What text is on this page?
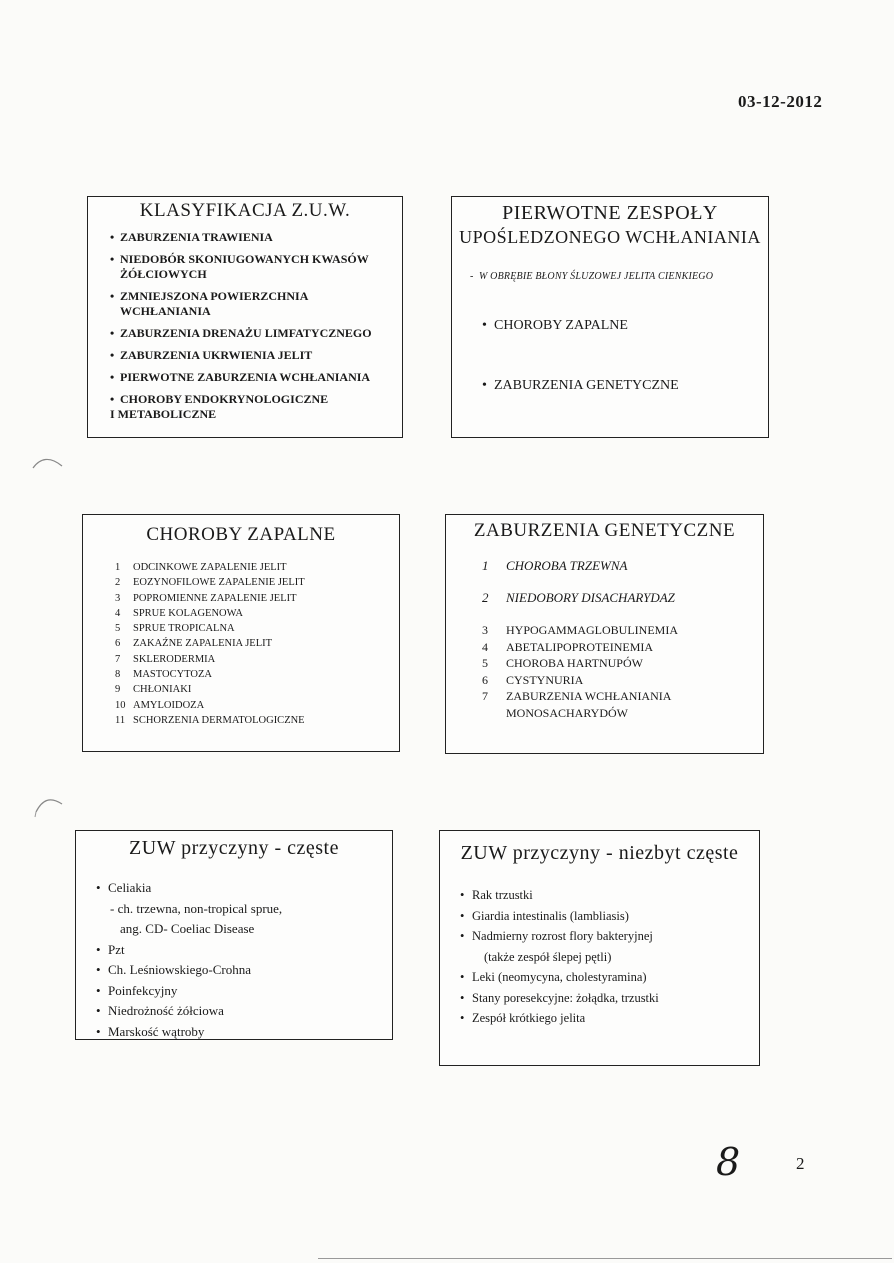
03-12-2012
KLASYFIKACJA Z.U.W.
• ZABURZENIA TRAWIENIA
• NIEDOBÓR SKONIUGOWANYCH KWASÓW
ŻÓŁCIOWYCH
• ZMNIEJSZONA POWIERZCHNIA
WCHŁANIANIA
• ZABURZENIA DRENAŻU LIMFATYCZNEGO
• ZABURZENIA UKRWIENIA JELIT
• PIERWOTNE ZABURZENIA WCHŁANIANIA
• CHOROBY ENDOKRYNOLOGICZNE
I METABOLICZNE
PIERWOTNE ZESPOŁY
UPOŚLEDZONEGO WCHŁANIANIA
-  W OBRĘBIE BŁONY ŚLUZOWEJ JELITA CIENKIEGO
• CHOROBY ZAPALNE
• ZABURZENIA GENETYCZNE
CHOROBY ZAPALNE
1	ODCINKOWE ZAPALENIE JELIT
2	EOZYNOFILOWE ZAPALENIE JELIT
3	POPROMIENNE ZAPALENIE JELIT
4	SPRUE KOLAGENOWA
5	SPRUE TROPICALNA
6	ZAKAŹNE ZAPALENIA JELIT
7	SKLERODERMIA
8	MASTOCYTOZA
9	CHŁONIAKI
10 AMYLOIDOZA
11 SCHORZENIA DERMATOLOGICZNE
ZABURZENIA GENETYCZNE
1	CHOROBA TRZEWNA
2	NIEDOBORY DISACHARYDAZ
3	HYPOGAMMAGLOBULINEMIA
4	ABETALIPOPROTEINEMIA
5	CHOROBA HARTNUPÓW
6	CYSTYNURIA
7	ZABURZENIA WCHŁANIANIA MONOSACHARYDÓW
ZUW przyczyny - częste
• Celiakia
- ch. trzewna, non-tropical sprue,
ang. CD- Coeliac Disease
• Pzt
• Ch. Leśniowskiego-Crohna
• Poinfekcyjny
• Niedrożność żółciowa
• Marskość wątroby
ZUW przyczyny - niezbyt częste
• Rak trzustki
• Giardia intestinalis (lambliasis)
• Nadmierny rozrost flory bakteryjnej
(także zespół ślepej pętli)
• Leki (neomycyna, cholestyramina)
• Stany poresekcyjne: żołądka, trzustki
• Zespół krótkiego jelita
8	2
